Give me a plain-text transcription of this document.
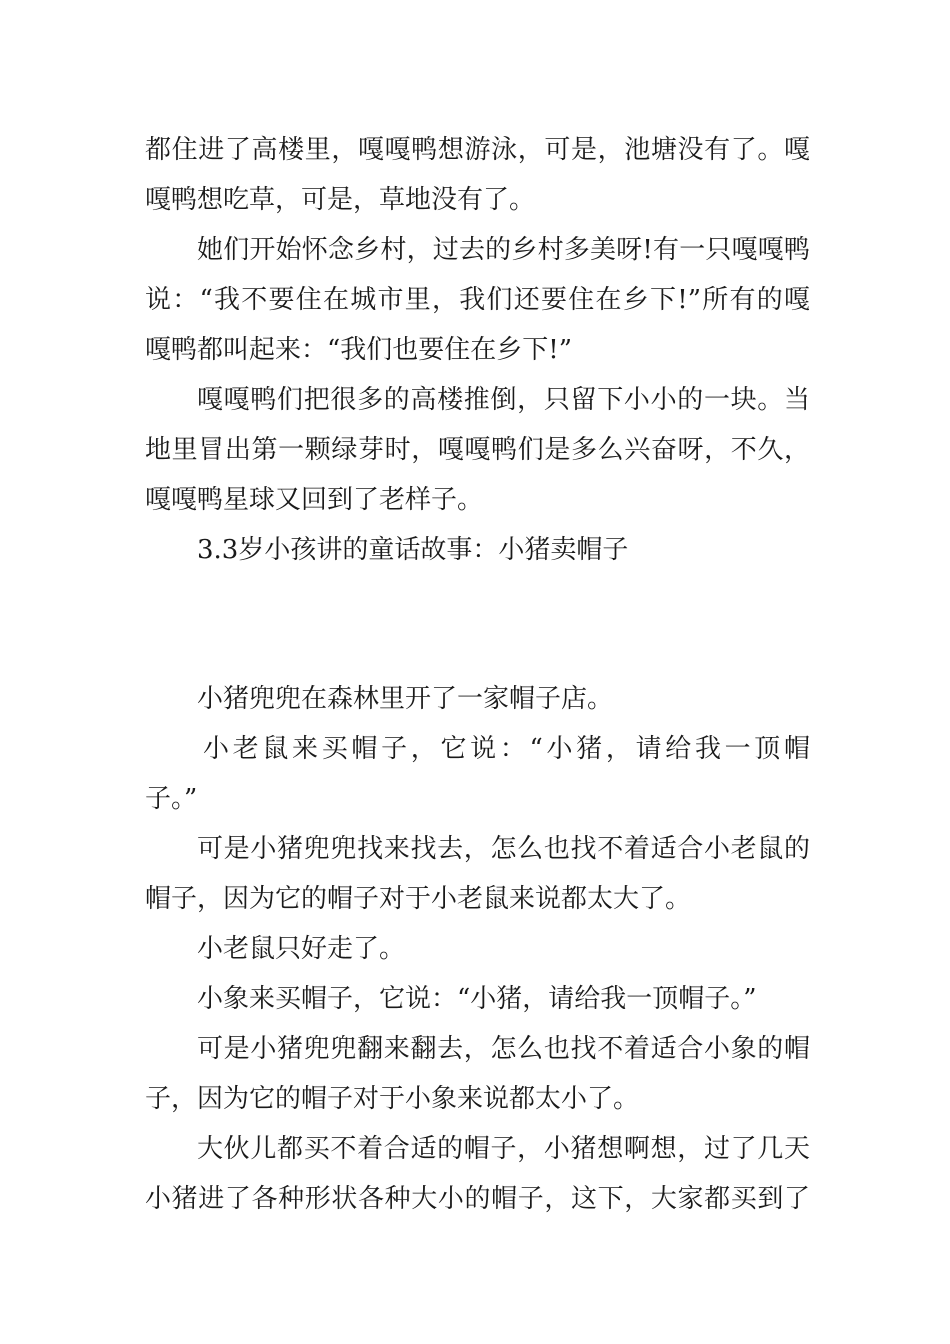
都住进了高楼里，嘎嘎鸭想游泳，可是，池塘没有了。嘎
嘎鸭想吃草，可是，草地没有了。
她们开始怀念乡村，过去的乡村多美呀!有一只嘎嘎鸭
说：“我不要住在城市里，我们还要住在乡下!”所有的嘎
嘎鸭都叫起来：“我们也要住在乡下!”
嘎嘎鸭们把很多的高楼推倒，只留下小小的一块。当
地里冒出第一颗绿芽时，嘎嘎鸭们是多么兴奋呀，不久，
嘎嘎鸭星球又回到了老样子。
3.3岁小孩讲的童话故事：小猪卖帽子
小猪兜兜在森林里开了一家帽子店。
小老鼠来买帽子，它说：“小猪，请给我一顶帽
子。”
可是小猪兜兜找来找去，怎么也找不着适合小老鼠的
帽子，因为它的帽子对于小老鼠来说都太大了。
小老鼠只好走了。
小象来买帽子，它说：“小猪，请给我一顶帽子。”
可是小猪兜兜翻来翻去，怎么也找不着适合小象的帽
子，因为它的帽子对于小象来说都太小了。
大伙儿都买不着合适的帽子，小猪想啊想，过了几天
小猪进了各种形状各种大小的帽子，这下，大家都买到了
